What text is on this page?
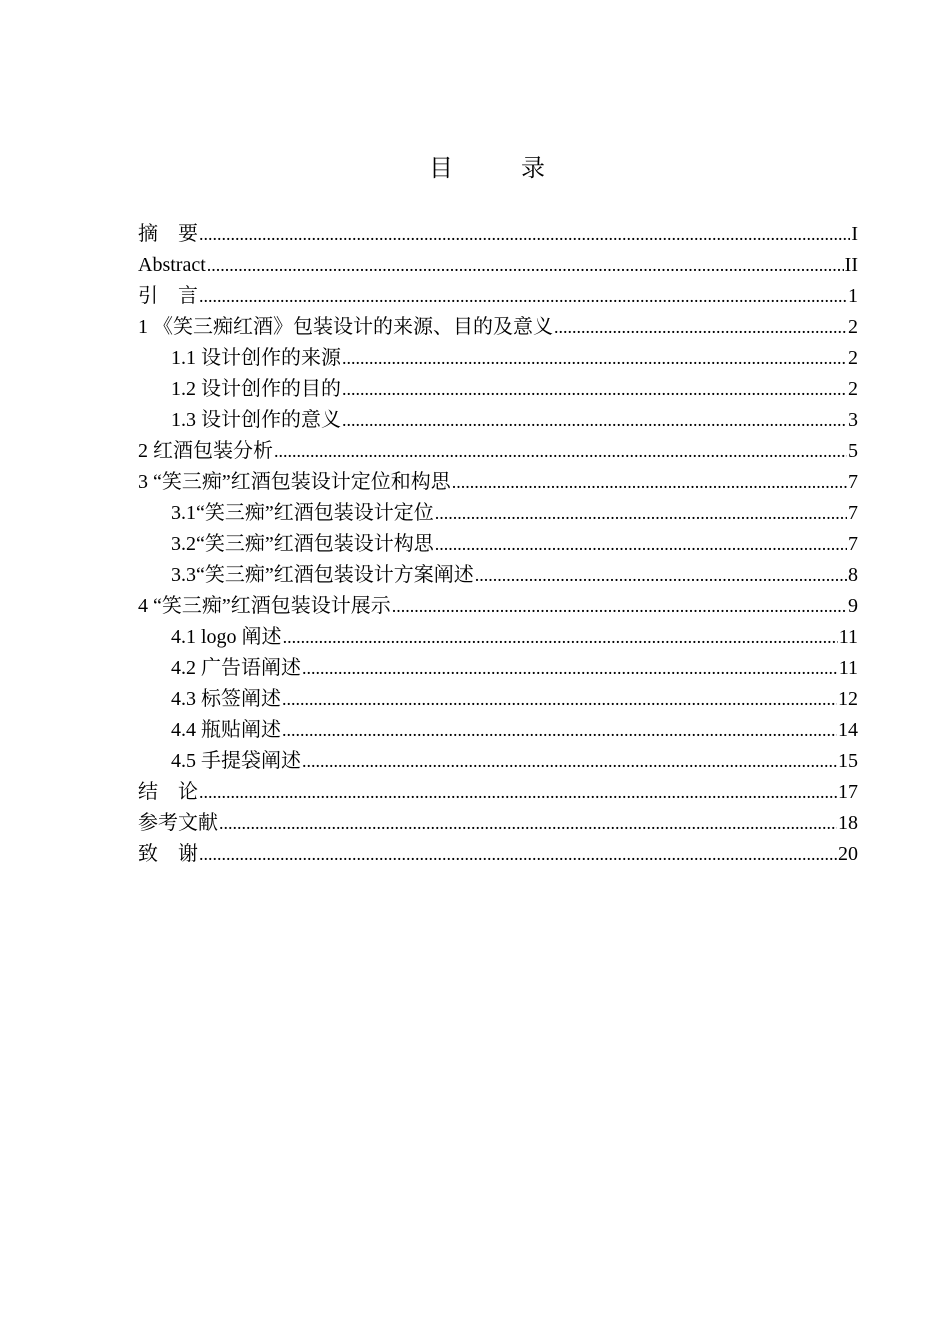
目　录
摘　要 .....	I
Abstract .....	II
引　言 .....	1
1 《笑三痴红酒》包装设计的来源、目的及意义 .....	2
1.1 设计创作的来源 .....	2
1.2 设计创作的目的 .....	2
1.3 设计创作的意义 .....	3
2 红酒包装分析 .....	5
3 “笑三痴”红酒包装设计定位和构思 .....	7
3.1“笑三痴”红酒包装设计定位 .....	7
3.2“笑三痴”红酒包装设计构思 .....	7
3.3“笑三痴”红酒包装设计方案阐述 .....	8
4 “笑三痴”红酒包装设计展示 .....	9
4.1 logo 阐述 .....	11
4.2 广告语阐述 .....	11
4.3 标签阐述 .....	12
4.4 瓶贴阐述 .....	14
4.5 手提袋阐述 .....	15
结　论 .....	17
参考文献 .....	18
致　谢 .....	20
